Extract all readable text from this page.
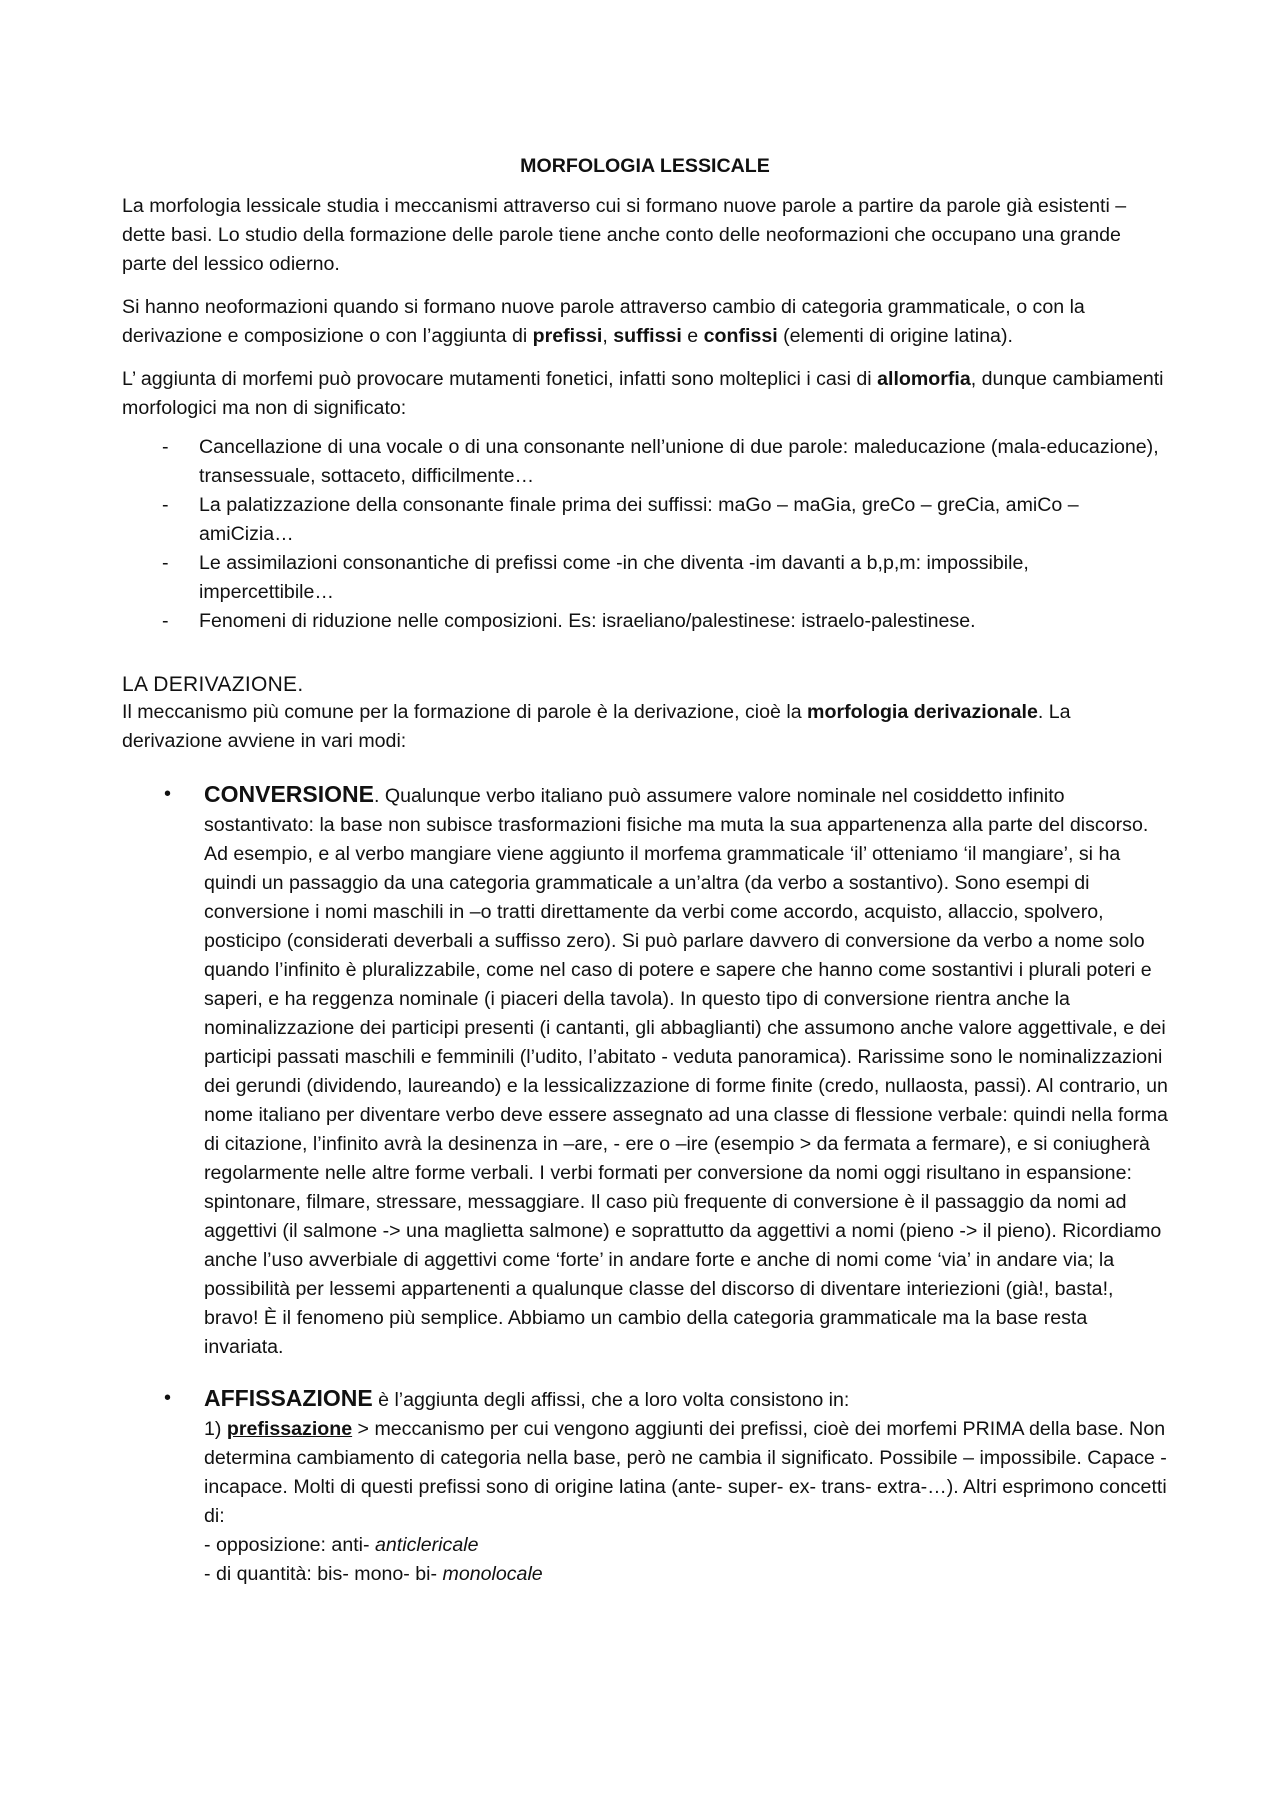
MORFOLOGIA LESSICALE

La morfologia lessicale studia i meccanismi attraverso cui si formano nuove parole a partire da parole già esistenti – dette basi. Lo studio della formazione delle parole tiene anche conto delle neoformazioni che occupano una grande parte del lessico odierno.

Si hanno neoformazioni quando si formano nuove parole attraverso cambio di categoria grammaticale, o con la derivazione e composizione o con l’aggiunta di prefissi, suffissi e confissi (elementi di origine latina).

L’ aggiunta di morfemi può provocare mutamenti fonetici, infatti sono molteplici i casi di allomorfia, dunque cambiamenti morfologici ma non di significato:

- Cancellazione di una vocale o di una consonante nell’unione di due parole: maleducazione (mala-educazione), transessuale, sottaceto, difficilmente…
- La palatizzazione della consonante finale prima dei suffissi: maGo – maGia, greCo – greCia, amiCo – amiCizia…
- Le assimilazioni consonantiche di prefissi come -in che diventa -im davanti a b,p,m: impossibile, impercettibile…
- Fenomeni di riduzione nelle composizioni. Es: israeliano/palestinese: istraelo-palestinese.
LA DERIVAZIONE.

Il meccanismo più comune per la formazione di parole è la derivazione, cioè la morfologia derivazionale. La derivazione avviene in vari modi:

• CONVERSIONE. Qualunque verbo italiano può assumere valore nominale nel cosiddetto infinito sostantivato: la base non subisce trasformazioni fisiche ma muta la sua appartenenza alla parte del discorso. Ad esempio, e al verbo mangiare viene aggiunto il morfema grammaticale ‘il’ otteniamo ‘il mangiare’, si ha quindi un passaggio da una categoria grammaticale a un’altra (da verbo a sostantivo). Sono esempi di conversione i nomi maschili in –o tratti direttamente da verbi come accordo, acquisto, allaccio, spolvero, posticipo (considerati deverbali a suffisso zero). Si può parlare davvero di conversione da verbo a nome solo quando l’infinito è pluralizzabile, come nel caso di potere e sapere che hanno come sostantivi i plurali poteri e saperi, e ha reggenza nominale (i piaceri della tavola). In questo tipo di conversione rientra anche la nominalizzazione dei participi presenti (i cantanti, gli abbaglianti) che assumono anche valore aggettivale, e dei participi passati maschili e femminili (l’udito, l’abitato - veduta panoramica). Rarissime sono le nominalizzazioni dei gerundi (dividendo, laureando) e la lessicalizzazione di forme finite (credo, nullaosta, passi). Al contrario, un nome italiano per diventare verbo deve essere assegnato ad una classe di flessione verbale: quindi nella forma di citazione, l’infinito avrà la desinenza in –are, - ere o –ire (esempio > da fermata a fermare), e si coniugherà regolarmente nelle altre forme verbali. I verbi formati per conversione da nomi oggi risultano in espansione: spintonare, filmare, stressare, messaggiare. Il caso più frequente di conversione è il passaggio da nomi ad aggettivi (il salmone -> una maglietta salmone) e soprattutto da aggettivi a nomi (pieno -> il pieno). Ricordiamo anche l’uso avverbiale di aggettivi come ‘forte’ in andare forte e anche di nomi come ‘via’ in andare via; la possibilità per lessemi appartenenti a qualunque classe del discorso di diventare interiezioni (già!, basta!, bravo! È il fenomeno più semplice. Abbiamo un cambio della categoria grammaticale ma la base resta invariata.
• AFFISSAZIONE è l’aggiunta degli affissi, che a loro volta consistono in:
1) prefissazione > meccanismo per cui vengono aggiunti dei prefissi, cioè dei morfemi PRIMA della base. Non determina cambiamento di categoria nella base, però ne cambia il significato. Possibile – impossibile. Capace - incapace. Molti di questi prefissi sono di origine latina (ante- super- ex- trans- extra-…). Altri esprimono concetti di:
- opposizione: anti- anticlericale
- di quantità: bis- mono- bi- monolocale
